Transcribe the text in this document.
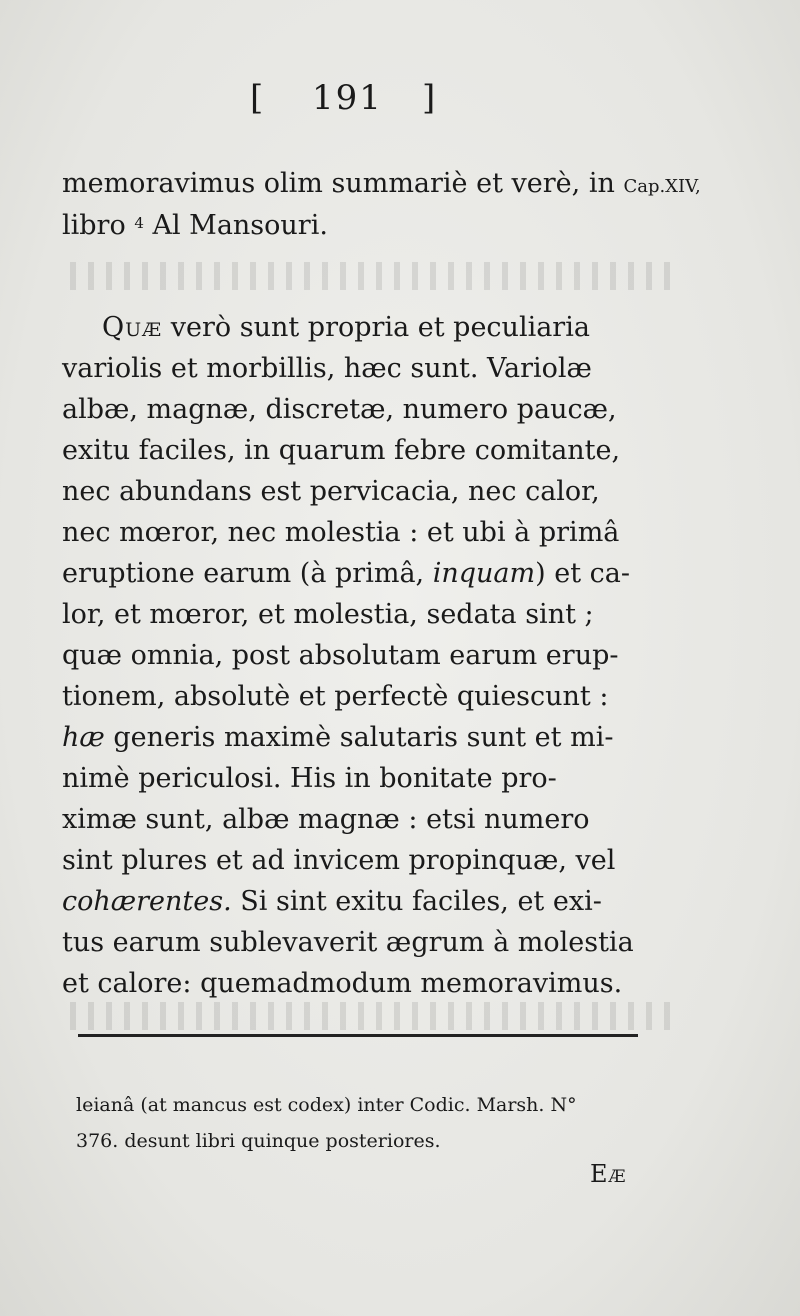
[ 191 ]
memoravimus olim summariè et verè, in Cap.XIV,
libro $^4$ Al Mansouri.
Quæ verò sunt propria et peculiaria
variolis et morbillis, hæc sunt. Variolæ
albæ, magnæ, discretæ, numero paucæ,
exitu faciles, in quarum febre comitante,
nec abundans est pervicacia, nec calor,
nec mœror, nec molestia : et ubi à primâ
eruptione earum (à primâ, inquam) et ca-
lor, et mœror, et molestia, sedata sint ;
quæ omnia, post absolutam earum erup-
tionem, absolutè et perfectè quiescunt :
hæ generis maximè salutaris sunt et mi-
nimè periculosi. His in bonitate pro-
ximæ sunt, albæ magnæ : etsi numero
sint plures et ad invicem propinquæ, vel
cohærentes. Si sint exitu faciles, et exi-
tus earum sublevaverit ægrum à molestia
et calore: quemadmodum memoravimus.
leianâ (at mancus est codex) inter Codic. Marsh. N°
376. desunt libri quinque posteriores.
Eæ
